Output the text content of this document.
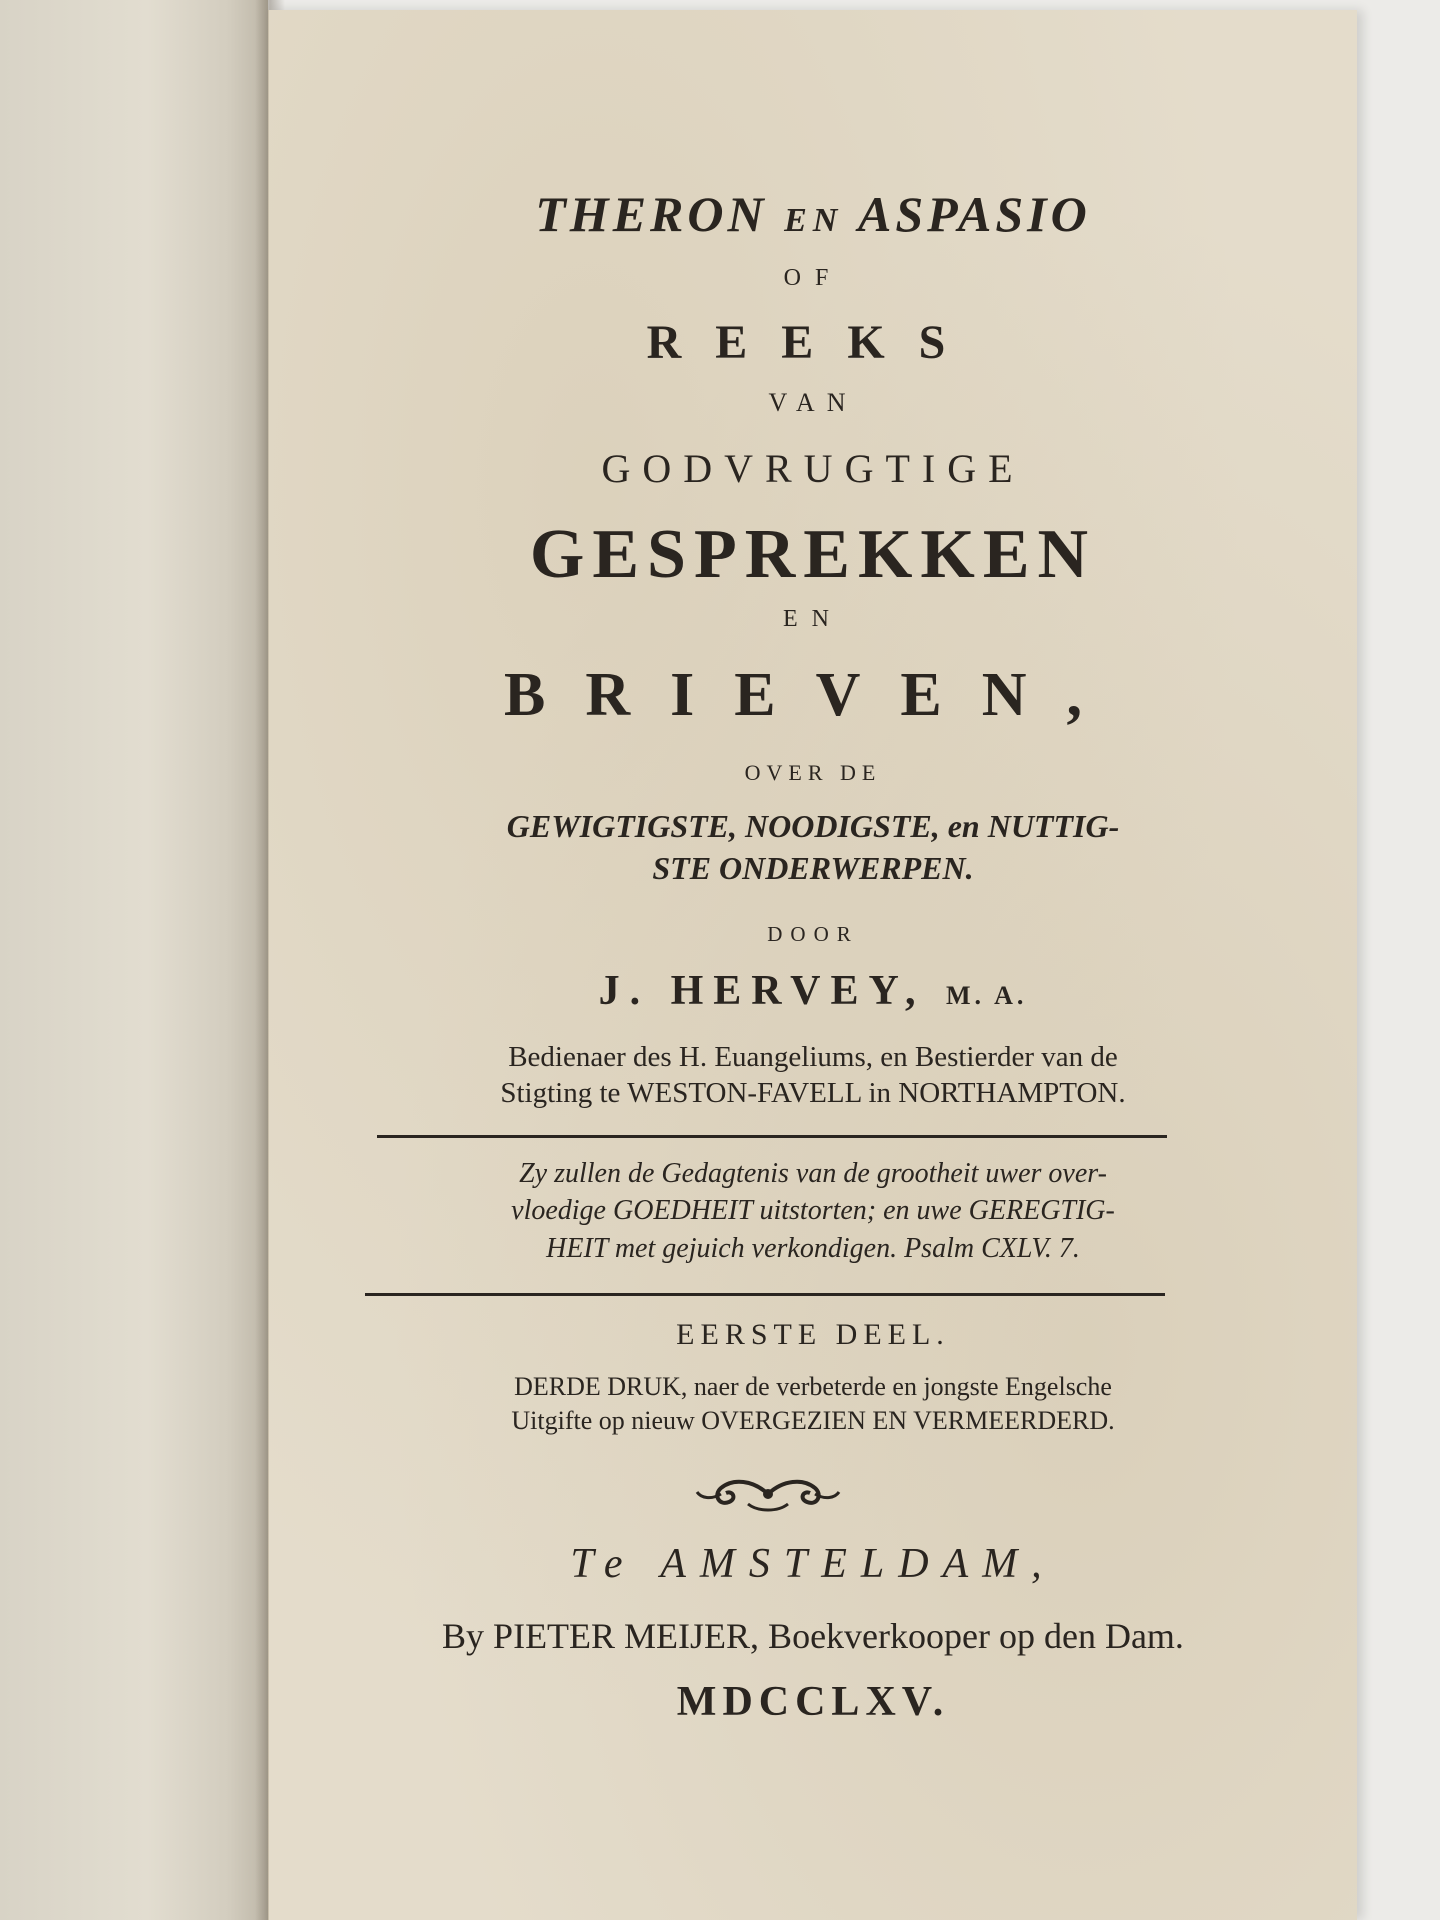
THERON EN ASPASIO
OF
REEKS
VAN
GODVRUGTIGE
GESPREKKEN
EN
BRIEVEN,
OVER DE
GEWIGTIGSTE, NOODIGSTE, en NUTTIG-
STE ONDERWERPEN.
DOOR
J. HERVEY, M. A.
Bedienaer des H. Euangeliums, en Bestierder van de
Stigting te WESTON-FAVELL in NORTHAMPTON.
Zy zullen de Gedagtenis van de grootheit uwer over-
vloedige GOEDHEIT uitstorten; en uwe GEREGTIG-
HEIT met gejuich verkondigen. Psalm CXLV. 7.
EERSTE DEEL.
DERDE DRUK, naer de verbeterde en jongste Engelsche
Uitgifte op nieuw OVERGEZIEN EN VERMEERDERD.
Te AMSTELDAM,
By PIETER MEIJER, Boekverkooper op den Dam.
MDCCLXV.
